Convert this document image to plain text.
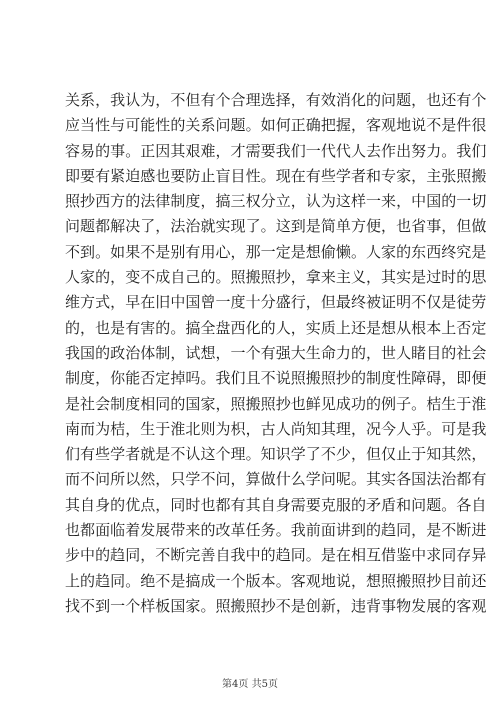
关系，我认为，不但有个合理选择，有效消化的问题，也还有个
应当性与可能性的关系问题。如何正确把握，客观地说不是件很
容易的事。正因其艰难，才需要我们一代代人去作出努力。我们
即要有紧迫感也要防止盲目性。现在有些学者和专家，主张照搬
照抄西方的法律制度，搞三权分立，认为这样一来，中国的一切
问题都解决了，法治就实现了。这到是简单方便，也省事，但做
不到。如果不是别有用心，那一定是想偷懒。人家的东西终究是
人家的，变不成自己的。照搬照抄，拿来主义，其实是过时的思
维方式，早在旧中国曾一度十分盛行，但最终被证明不仅是徒劳
的，也是有害的。搞全盘西化的人，实质上还是想从根本上否定
我国的政治体制，试想，一个有强大生命力的，世人睹目的社会
制度，你能否定掉吗。我们且不说照搬照抄的制度性障碍，即便
是社会制度相同的国家，照搬照抄也鲜见成功的例子。桔生于淮
南而为桔，生于淮北则为枳，古人尚知其理，况今人乎。可是我
们有些学者就是不认这个理。知识学了不少，但仅止于知其然，
而不问所以然，只学不问，算做什么学问呢。其实各国法治都有
其自身的优点，同时也都有其自身需要克服的矛盾和问题。各自
也都面临着发展带来的改革任务。我前面讲到的趋同，是不断进
步中的趋同，不断完善自我中的趋同。是在相互借鉴中求同存异
上的趋同。绝不是搞成一个版本。客观地说，想照搬照抄目前还
找不到一个样板国家。照搬照抄不是创新，违背事物发展的客观
第4页 共5页
